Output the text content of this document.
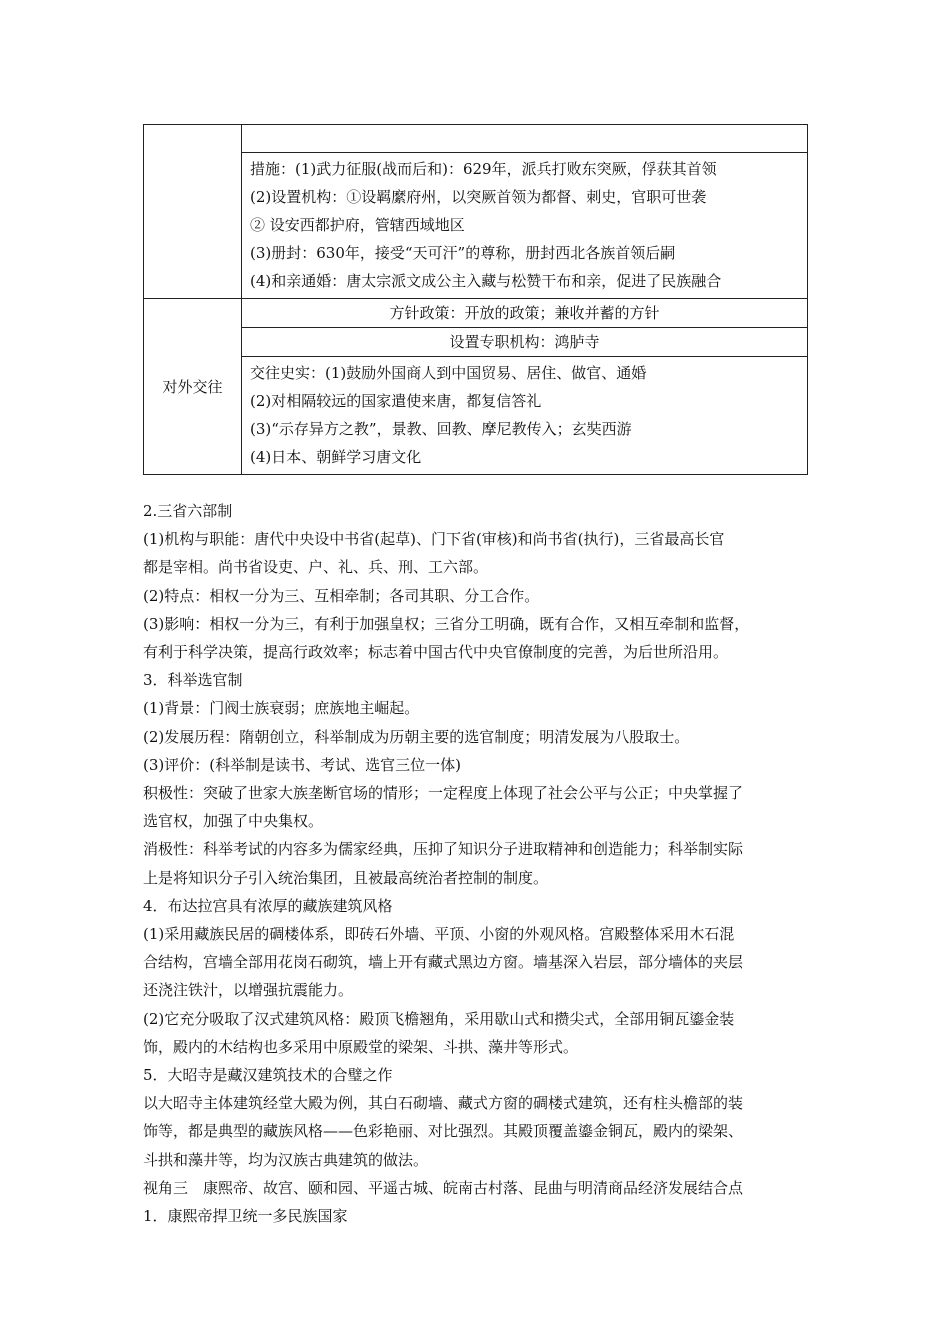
	措施：(1)武力征服(战而后和)：629年，派兵打败东突厥，俘获其首领
(2)设置机构：①设羁縻府州，以突厥首领为都督、刺史，官职可世袭
② 设安西都护府，管辖西域地区
(3)册封：630年，接受“天可汗”的尊称，册封西北各族首领后嗣
(4)和亲通婚：唐太宗派文成公主入藏与松赞干布和亲，促进了民族融合

对外交往	方针政策：开放的政策；兼收并蓄的方针
	设置专职机构：鸿胪寺

	交往史实：(1)鼓励外国商人到中国贸易、居住、做官、通婚
(2)对相隔较远的国家遣使来唐，都复信答礼
(3)“示存异方之教”，景教、回教、摩尼教传入；玄奘西游
(4)日本、朝鲜学习唐文化
2.三省六部制
(1)机构与职能：唐代中央设中书省(起草)、门下省(审核)和尚书省(执行)，三省最高长官
都是宰相。尚书省设吏、户、礼、兵、刑、工六部。
(2)特点：相权一分为三、互相牵制；各司其职、分工合作。
(3)影响：相权一分为三，有利于加强皇权；三省分工明确，既有合作，又相互牵制和监督，
有利于科学决策，提高行政效率；标志着中国古代中央官僚制度的完善，为后世所沿用。
3．科举选官制
(1)背景：门阀士族衰弱；庶族地主崛起。
(2)发展历程：隋朝创立，科举制成为历朝主要的选官制度；明清发展为八股取士。
(3)评价：(科举制是读书、考试、选官三位一体)
积极性：突破了世家大族垄断官场的情形；一定程度上体现了社会公平与公正；中央掌握了
选官权，加强了中央集权。
消极性：科举考试的内容多为儒家经典，压抑了知识分子进取精神和创造能力；科举制实际
上是将知识分子引入统治集团，且被最高统治者控制的制度。
4．布达拉宫具有浓厚的藏族建筑风格
(1)采用藏族民居的碉楼体系，即砖石外墙、平顶、小窗的外观风格。宫殿整体采用木石混
合结构，宫墙全部用花岗石砌筑，墙上开有藏式黑边方窗。墙基深入岩层，部分墙体的夹层
还浇注铁汁，以增强抗震能力。
(2)它充分吸取了汉式建筑风格：殿顶飞檐翘角，采用歇山式和攒尖式，全部用铜瓦鎏金装
饰，殿内的木结构也多采用中原殿堂的梁架、斗拱、藻井等形式。
5．大昭寺是藏汉建筑技术的合璧之作
以大昭寺主体建筑经堂大殿为例，其白石砌墙、藏式方窗的碉楼式建筑，还有柱头檐部的装
饰等，都是典型的藏族风格——色彩艳丽、对比强烈。其殿顶覆盖鎏金铜瓦，殿内的梁架、
斗拱和藻井等，均为汉族古典建筑的做法。
视角三　康熙帝、故宫、颐和园、平遥古城、皖南古村落、昆曲与明清商品经济发展结合点
1．康熙帝捍卫统一多民族国家
